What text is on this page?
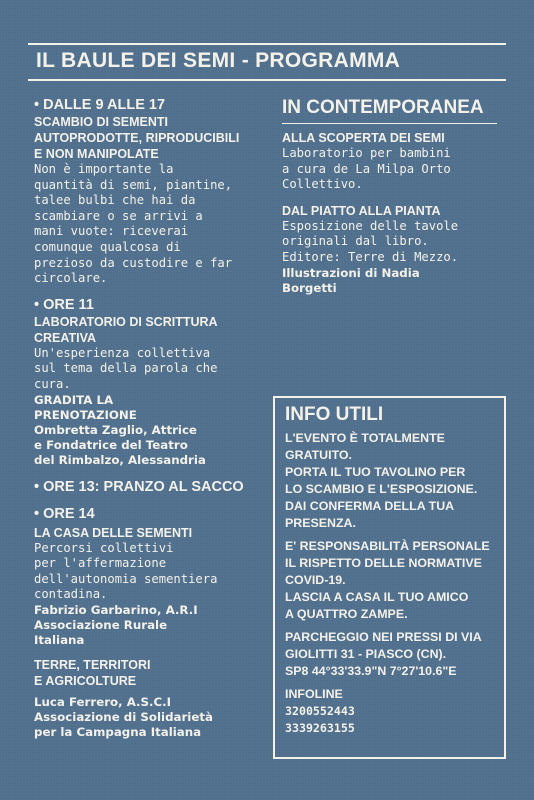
IL BAULE DEI SEMI - PROGRAMMA
• DALLE 9 ALLE 17
SCAMBIO DI SEMENTI
AUTOPRODOTTE, RIPRODUCIBILI
E NON MANIPOLATE
Non è importante la
quantità di semi, piantine,
talee bulbi che hai da
scambiare o se arrivi a
mani vuote: riceverai
comunque qualcosa di
prezioso da custodire e far
circolare.
• ORE 11
LABORATORIO DI SCRITTURA
CREATIVA
Un'esperienza collettiva
sul tema della parola che
cura.
GRADITA LA
PRENOTAZIONE
Ombretta Zaglio, Attrice
e Fondatrice del Teatro
del Rimbalzo, Alessandria
• ORE 13: PRANZO AL SACCO
• ORE 14
LA CASA DELLE SEMENTI
Percorsi collettivi
per l'affermazione
dell'autonomia sementiera
contadina.
Fabrizio Garbarino, A.R.I
Associazione Rurale
Italiana
TERRE, TERRITORI
E AGRICOLTURE
Luca Ferrero, A.S.C.I
Associazione di Solidarietà
per la Campagna Italiana
IN CONTEMPORANEA
ALLA SCOPERTA DEI SEMI
Laboratorio per bambini
a cura de La Milpa Orto
Collettivo.
DAL PIATTO ALLA PIANTA
Esposizione delle tavole
originali dal libro.
Editore: Terre di Mezzo.
Illustrazioni di Nadia
Borgetti
INFO UTILI
L'EVENTO È TOTALMENTE
GRATUITO.
PORTA IL TUO TAVOLINO PER
LO SCAMBIO E L'ESPOSIZIONE.
DAI CONFERMA DELLA TUA
PRESENZA.
E' RESPONSABILITÀ PERSONALE
IL RISPETTO DELLE NORMATIVE
COVID-19.
LASCIA A CASA IL TUO AMICO
A QUATTRO ZAMPE.
PARCHEGGIO NEI PRESSI DI VIA
GIOLITTI 31 - PIASCO (CN).
SP8 44°33'33.9"N 7°27'10.6"E
INFOLINE
3200552443
3339263155
